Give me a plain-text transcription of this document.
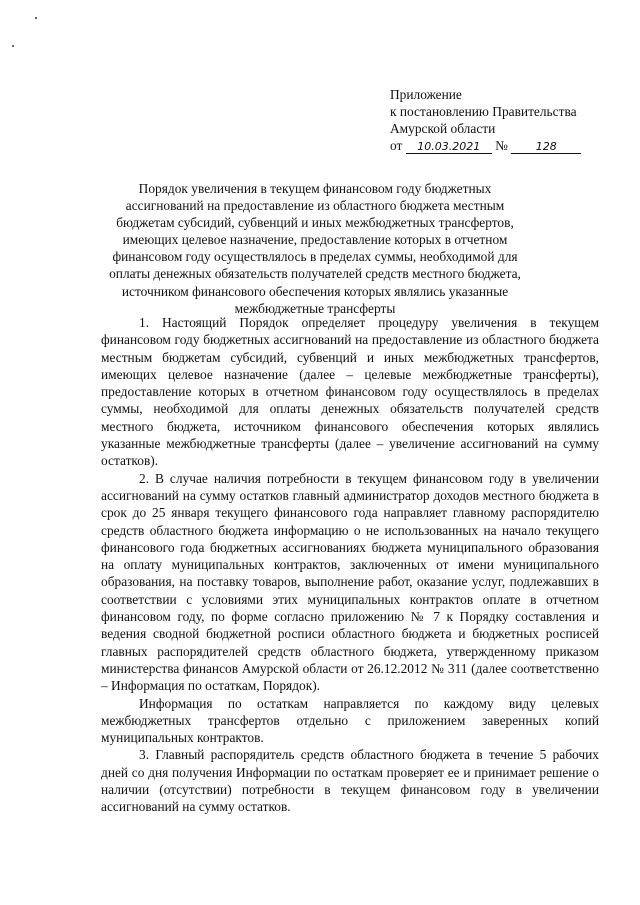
Приложение
к постановлению Правительства
Амурской области
от 10.03.2021 №	128
Порядок увеличения в текущем финансовом году бюджетных ассигнований на предоставление из областного бюджета местным бюджетам субсидий, субвенций и иных межбюджетных трансфертов, имеющих целевое назначение, предоставление которых в отчетном финансовом году осуществлялось в пределах суммы, необходимой для оплаты денежных обязательств получателей средств местного бюджета, источником финансового обеспечения которых являлись указанные межбюджетные трансферты

1. Настоящий Порядок определяет процедуру увеличения в текущем финансовом году бюджетных ассигнований на предоставление из областного бюджета местным бюджетам субсидий, субвенций и иных межбюджетных трансфертов, имеющих целевое назначение (далее – целевые межбюджетные трансферты), предоставление которых в отчетном финансовом году осуществлялось в пределах суммы, необходимой для оплаты денежных обязательств получателей средств местного бюджета, источником финансового обеспечения которых являлись указанные межбюджетные трансферты (далее – увеличение ассигнований на сумму остатков).

2. В случае наличия потребности в текущем финансовом году в увеличении ассигнований на сумму остатков главный администратор доходов местного бюджета в срок до 25 января текущего финансового года направляет главному распорядителю средств областного бюджета информацию о не использованных на начало текущего финансового года бюджетных ассигнованиях бюджета муниципального образования на оплату муниципальных контрактов, заключенных от имени муниципального образования, на поставку товаров, выполнение работ, оказание услуг, подлежавших в соответствии с условиями этих муниципальных контрактов оплате в отчетном финансовом году, по форме согласно приложению № 7 к Порядку составления и ведения сводной бюджетной росписи областного бюджета и бюджетных росписей главных распорядителей средств областного бюджета, утвержденному приказом министерства финансов Амурской области от 26.12.2012 № 311 (далее соответственно – Информация по остаткам, Порядок).

Информация по остаткам направляется по каждому виду целевых межбюджетных трансфертов отдельно с приложением заверенных копий муниципальных контрактов.

3. Главный распорядитель средств областного бюджета в течение 5 рабочих дней со дня получения Информации по остаткам проверяет ее и принимает решение о наличии (отсутствии) потребности в текущем финансовом году в увеличении ассигнований на сумму остатков.
